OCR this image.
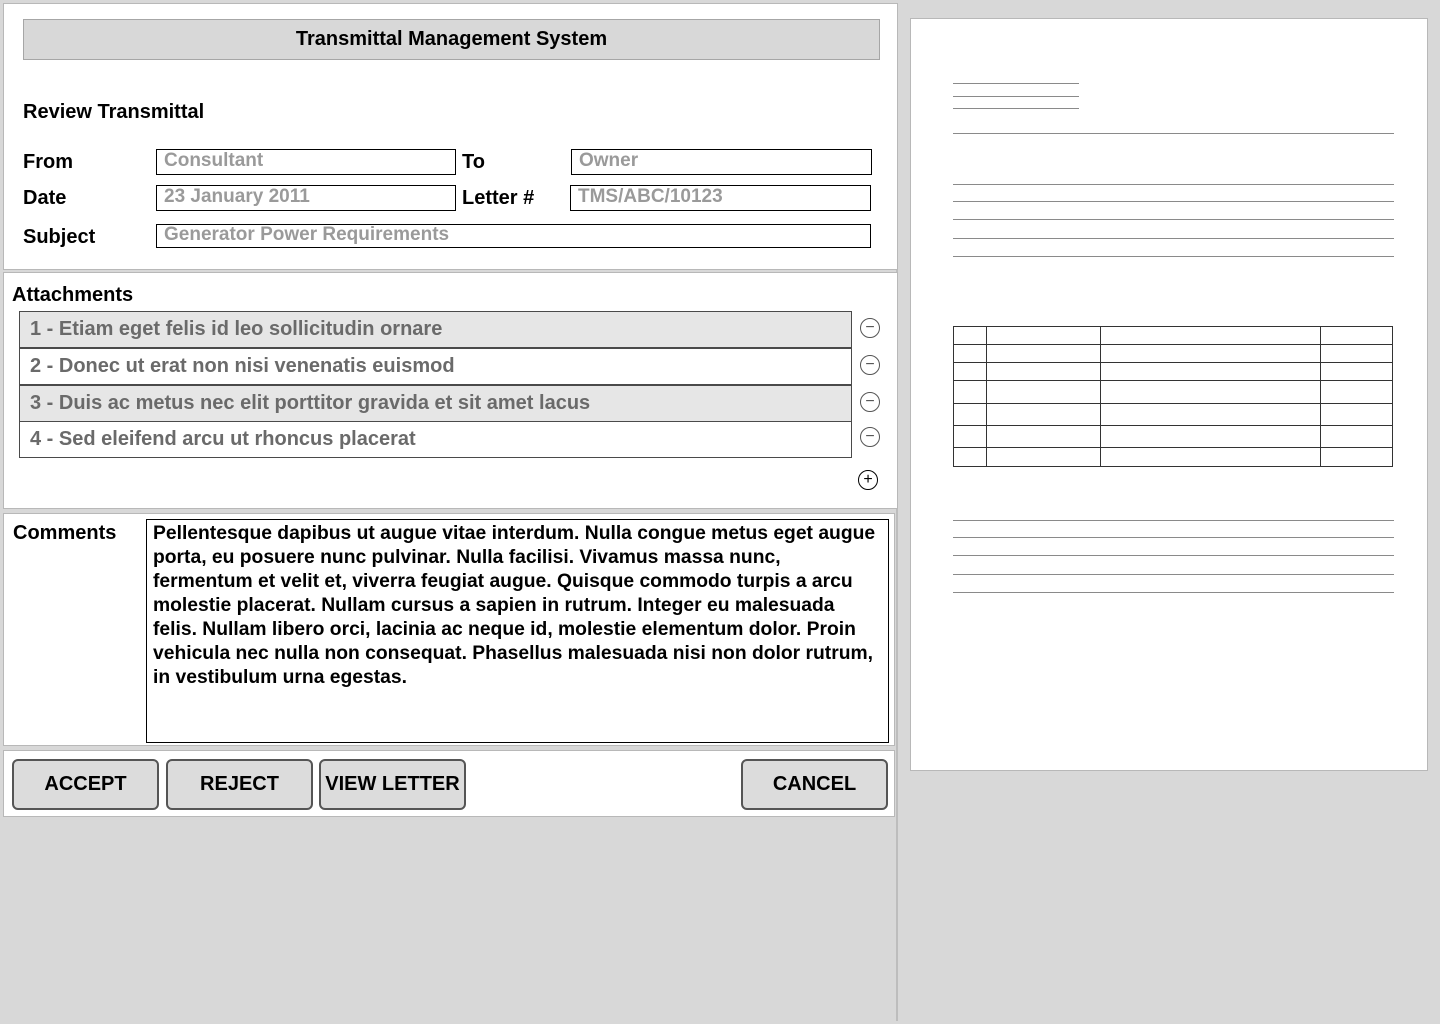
Transmittal Management System
Review Transmittal
From	Consultant	To	Owner
Date	23 January 2011	Letter #	TMS/ABC/10123
Subject	Generator Power Requirements
Attachments
1 - Etiam eget felis id leo sollicitudin ornare	−
2 - Donec ut erat non nisi venenatis euismod	−
3 - Duis ac metus nec elit porttitor gravida et sit amet lacus	−
4 - Sed eleifend arcu ut rhoncus placerat	−
+
Comments	Pellentesque dapibus ut augue vitae interdum. Nulla congue metus eget augue porta, eu posuere nunc pulvinar. Nulla facilisi. Vivamus massa nunc, fermentum et velit et, viverra feugiat augue. Quisque commodo turpis a arcu molestie placerat. Nullam cursus a sapien in rutrum. Integer eu malesuada felis. Nullam libero orci, lacinia ac neque id, molestie elementum dolor. Proin vehicula nec nulla non consequat. Phasellus malesuada nisi non dolor rutrum, in vestibulum urna egestas.
ACCEPT	REJECT	VIEW LETTER	CANCEL
